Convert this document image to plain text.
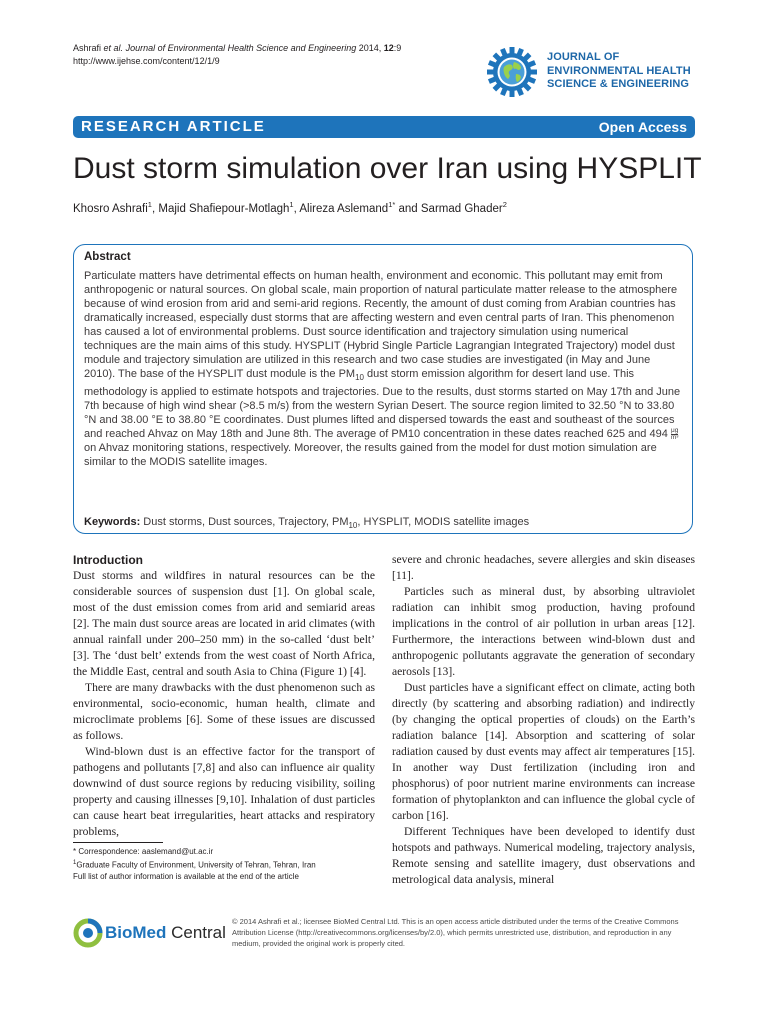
Ashrafi et al. Journal of Environmental Health Science and Engineering 2014, 12:9
http://www.ijehse.com/content/12/1/9	JOURNAL OF
ENVIRONMENTAL HEALTH
SCIENCE & ENGINEERING
RESEARCH ARTICLE	Open Access
Dust storm simulation over Iran using HYSPLIT
Khosro Ashrafi$^1$, Majid Shafiepour-Motlagh$^1$, Alireza Aslemand$^{1*}$ and Sarmad Ghader$^2$
Abstract
Particulate matters have detrimental effects on human health, environment and economic. This pollutant may emit from anthropogenic or natural sources. On global scale, main proportion of natural particulate matter release to the atmosphere because of wind erosion from arid and semi-arid regions. Recently, the amount of dust coming from Arabian countries has dramatically increased, especially dust storms that are affecting western and even central parts of Iran. This phenomenon has caused a lot of environmental problems. Dust source identification and trajectory simulation using numerical techniques are the main aims of this study. HYSPLIT (Hybrid Single Particle Lagrangian Integrated Trajectory) model dust module and trajectory simulation are utilized in this research and two case studies are investigated (in May and June 2010). The base of the HYSPLIT dust module is the $PM_{10}$ dust storm emission algorithm for desert land use. This methodology is applied to estimate hotspots and trajectories. Due to the results, dust storms started on May 17th and June 7th because of high wind shear (>8.5 m/s) from the western Syrian Desert. The source region limited to 32.50 °N to 33.80 °N and 38.00 °E to 38.80 °E coordinates. Dust plumes lifted and dispersed towards the east and southeast of the sources and reached Ahvaz on May 18th and June 8th. The average of PM10 concentration in these dates reached 625 and $494 \frac{\mu g}{\text{m³}}$
on Ahvaz monitoring stations, respectively. Moreover, the results gained from the model for dust motion simulation are similar to the MODIS satellite images.
Keywords: Dust storms, Dust sources, Trajectory, $PM_{10}$, HYSPLIT, MODIS satellite images
Introduction

Dust storms and wildfires in natural resources can be the considerable sources of suspension dust [1]. On global scale, most of the dust emission comes from arid and semiarid areas [2]. The main dust source areas are located in arid climates (with annual rainfall under 200–250 mm) in the so-called ‘dust belt’ [3]. The ‘dust belt’ extends from the west coast of North Africa, the Middle East, central and south Asia to China (Figure 1) [4].

There are many drawbacks with the dust phenomenon such as environmental, socio-economic, human health, climate and microclimate problems [6]. Some of these issues are discussed as follows.

Wind-blown dust is an effective factor for the transport of pathogens and pollutants [7,8] and also can influence air quality downwind of dust source regions by reducing visibility, soiling property and causing illnesses [9,10]. Inhalation of dust particles can cause heart beat irregularities, heart attacks and respiratory problems,

severe and chronic headaches, severe allergies and skin diseases [11].

Particles such as mineral dust, by absorbing ultraviolet radiation can inhibit smog production, having profound implications in the control of air pollution in urban areas [12]. Furthermore, the interactions between wind-blown dust and anthropogenic pollutants aggravate the generation of secondary aerosols [13].

Dust particles have a significant effect on climate, acting both directly (by scattering and absorbing radiation) and indirectly (by changing the optical properties of clouds) on the Earth’s radiation balance [14]. Absorption and scattering of solar radiation caused by dust events may affect air temperatures [15]. In another way Dust fertilization (including iron and phosphorus) of poor nutrient marine environments can increase formation of phytoplankton and can influence the global cycle of carbon [16].

Different Techniques have been developed to identify dust hotspots and pathways. Numerical modeling, trajectory analysis, Remote sensing and satellite imagery, dust observations and metrological data analysis, mineral

* Correspondence: aaslemand@ut.ac.ir
$^1$Graduate Faculty of Environment, University of Tehran, Tehran, Iran
Full list of author information is available at the end of the article
BioMed Central
© 2014 Ashrafi et al.; licensee BioMed Central Ltd. This is an open access article distributed under the terms of the Creative Commons Attribution License (http://creativecommons.org/licenses/by/2.0), which permits unrestricted use, distribution, and reproduction in any medium, provided the original work is properly cited.
